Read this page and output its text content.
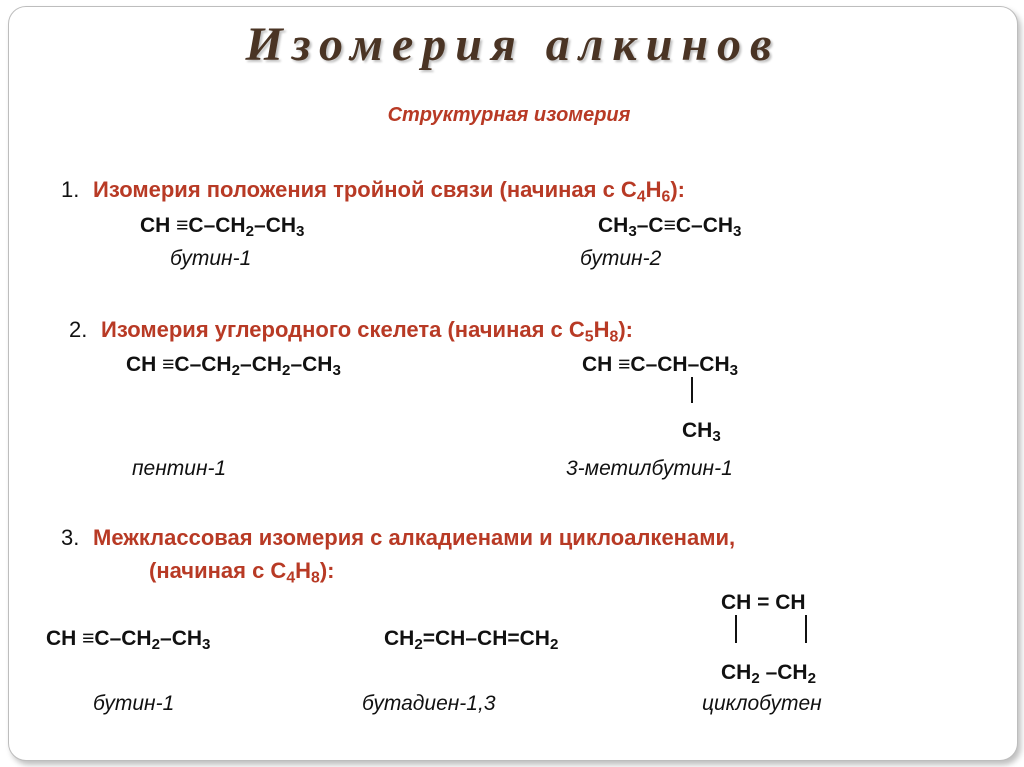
Изомерия алкинов
Структурная изомерия
1. Изомерия положения тройной связи (начиная с $C_4H_6$):
CH $\equiv C-CH_2-CH_3$	$CH_3-C\equiv C-CH_3$
бутин-1	бутин-2
2. Изомерия углеродного скелета (начиная с $C_5H_8$):
CH $\equiv C-CH_2-CH_2-CH_3$	CH $\equiv C-CH-CH_3$
$CH_3$
пентин-1	3-метилбутин-1
3. Межклассовая изомерия с алкадиенами и циклоалкенами,
(начиная с $C_4H_8$):
CH $\equiv C-CH_2-CH_3$	$CH_2=CH-CH=CH_2$
CH = CH
$CH_2$ $-CH_2$
бутин-1	бутадиен-1,3	циклобутен
